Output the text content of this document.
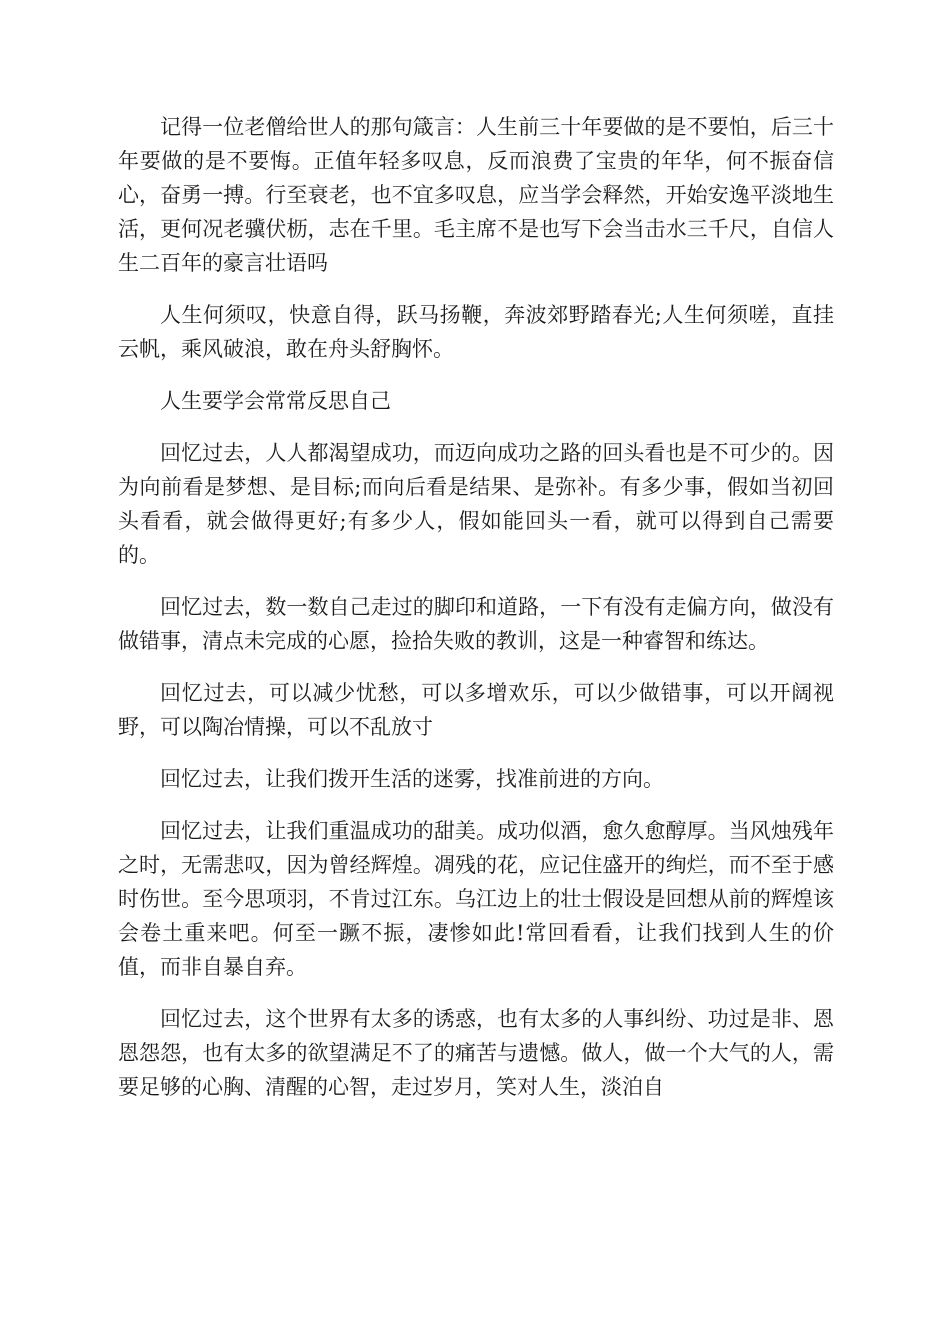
记得一位老僧给世人的那句箴言：人生前三十年要做的是不要怕，后三十年要做的是不要悔。正值年轻多叹息，反而浪费了宝贵的年华，何不振奋信心，奋勇一搏。行至衰老，也不宜多叹息，应当学会释然，开始安逸平淡地生活，更何况老骥伏枥，志在千里。毛主席不是也写下会当击水三千尺，自信人生二百年的豪言壮语吗

人生何须叹，快意自得，跃马扬鞭，奔波郊野踏春光;人生何须嗟，直挂云帆，乘风破浪，敢在舟头舒胸怀。

人生要学会常常反思自己

回忆过去，人人都渴望成功，而迈向成功之路的回头看也是不可少的。因为向前看是梦想、是目标;而向后看是结果、是弥补。有多少事，假如当初回头看看，就会做得更好;有多少人，假如能回头一看，就可以得到自己需要的。

回忆过去，数一数自己走过的脚印和道路，一下有没有走偏方向，做没有做错事，清点未完成的心愿，捡拾失败的教训，这是一种睿智和练达。

回忆过去，可以减少忧愁，可以多增欢乐，可以少做错事，可以开阔视野，可以陶冶情操，可以不乱放寸

回忆过去，让我们拨开生活的迷雾，找准前进的方向。

回忆过去，让我们重温成功的甜美。成功似酒，愈久愈醇厚。当风烛残年之时，无需悲叹，因为曾经辉煌。凋残的花，应记住盛开的绚烂，而不至于感时伤世。至今思项羽，不肯过江东。乌江边上的壮士假设是回想从前的辉煌该会卷土重来吧。何至一蹶不振，凄惨如此!常回看看，让我们找到人生的价值，而非自暴自弃。

回忆过去，这个世界有太多的诱惑，也有太多的人事纠纷、功过是非、恩恩怨怨，也有太多的欲望满足不了的痛苦与遗憾。做人，做一个大气的人，需要足够的心胸、清醒的心智，走过岁月，笑对人生，淡泊自
